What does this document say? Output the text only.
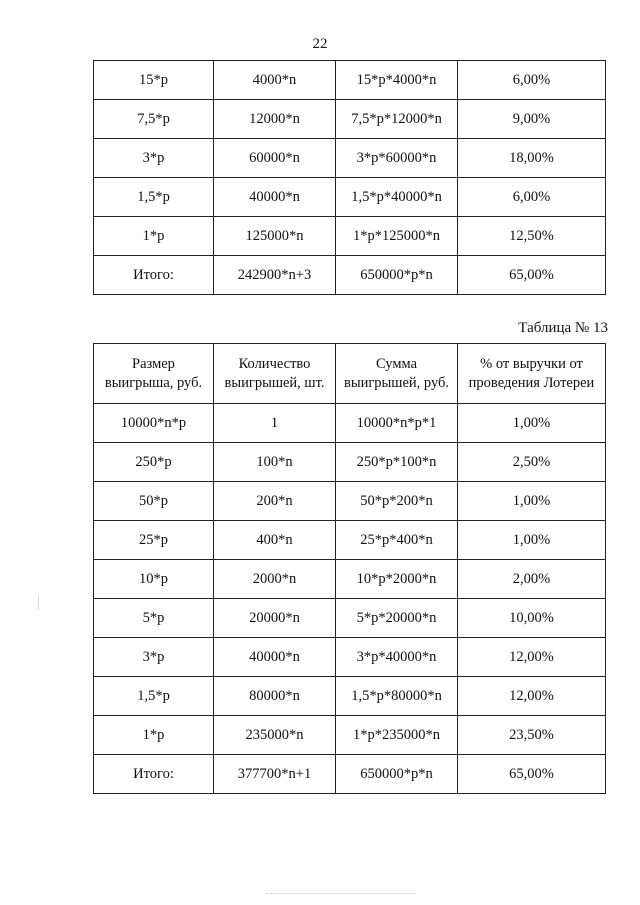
22
15*р	4000*n	15*р*4000*n	6,00%
7,5*р	12000*n	7,5*р*12000*n	9,00%
3*р	60000*n	3*р*60000*n	18,00%
1,5*р	40000*n	1,5*р*40000*n	6,00%
1*р	125000*n	1*р*125000*n	12,50%
Итого:	242900*n+3	650000*р*n	65,00%
Таблица № 13
Размер выигрыша, руб.	Количество выигрышей, шт.	Сумма выигрышей, руб.	% от выручки от проведения Лотереи
10000*n*р	1	10000*n*р*1	1,00%
250*р	100*n	250*р*100*n	2,50%
50*р	200*n	50*р*200*n	1,00%
25*р	400*n	25*р*400*n	1,00%
10*р	2000*n	10*р*2000*n	2,00%
5*р	20000*n	5*р*20000*n	10,00%
3*р	40000*n	3*р*40000*n	12,00%
1,5*р	80000*n	1,5*р*80000*n	12,00%
1*р	235000*n	1*р*235000*n	23,50%
Итого:	377700*n+1	650000*р*n	65,00%
